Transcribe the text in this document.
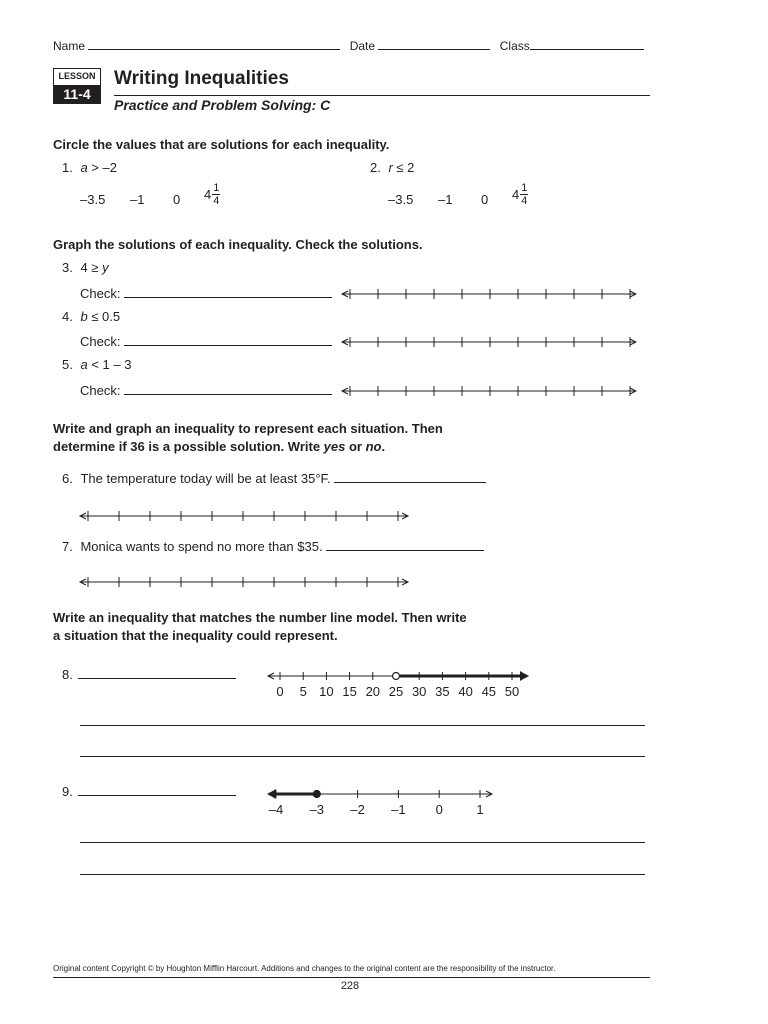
Name	Date	Class
LESSON
11-4
Writing Inequalities
Practice and Problem Solving: C
Circle the values that are solutions for each inequality.
1. a > –2
–3.5 –1 0 $4 \frac{1}{4}$
2. r ≤ 2
–3.5 –1 0 $4 \frac{1}{4}$
Graph the solutions of each inequality. Check the solutions.
3. 4 ≥ y
Check:
4. b ≤ 0.5
Check:
5. a < 1 – 3
Check:
Write and graph an inequality to represent each situation. Then
determine if 36 is a possible solution. Write yes or no.
6. The temperature today will be at least 35°F.
7. Monica wants to spend no more than $35.
Write an inequality that matches the number line model. Then write
a situation that the inequality could represent.
8.
0 5 10 15 20 25 30 35 40 45 50
9.
–4 –3 –2 –1 0	1
Original content Copyright © by Houghton Mifflin Harcourt. Additions and changes to the original content are the responsibility of the instructor.
228
